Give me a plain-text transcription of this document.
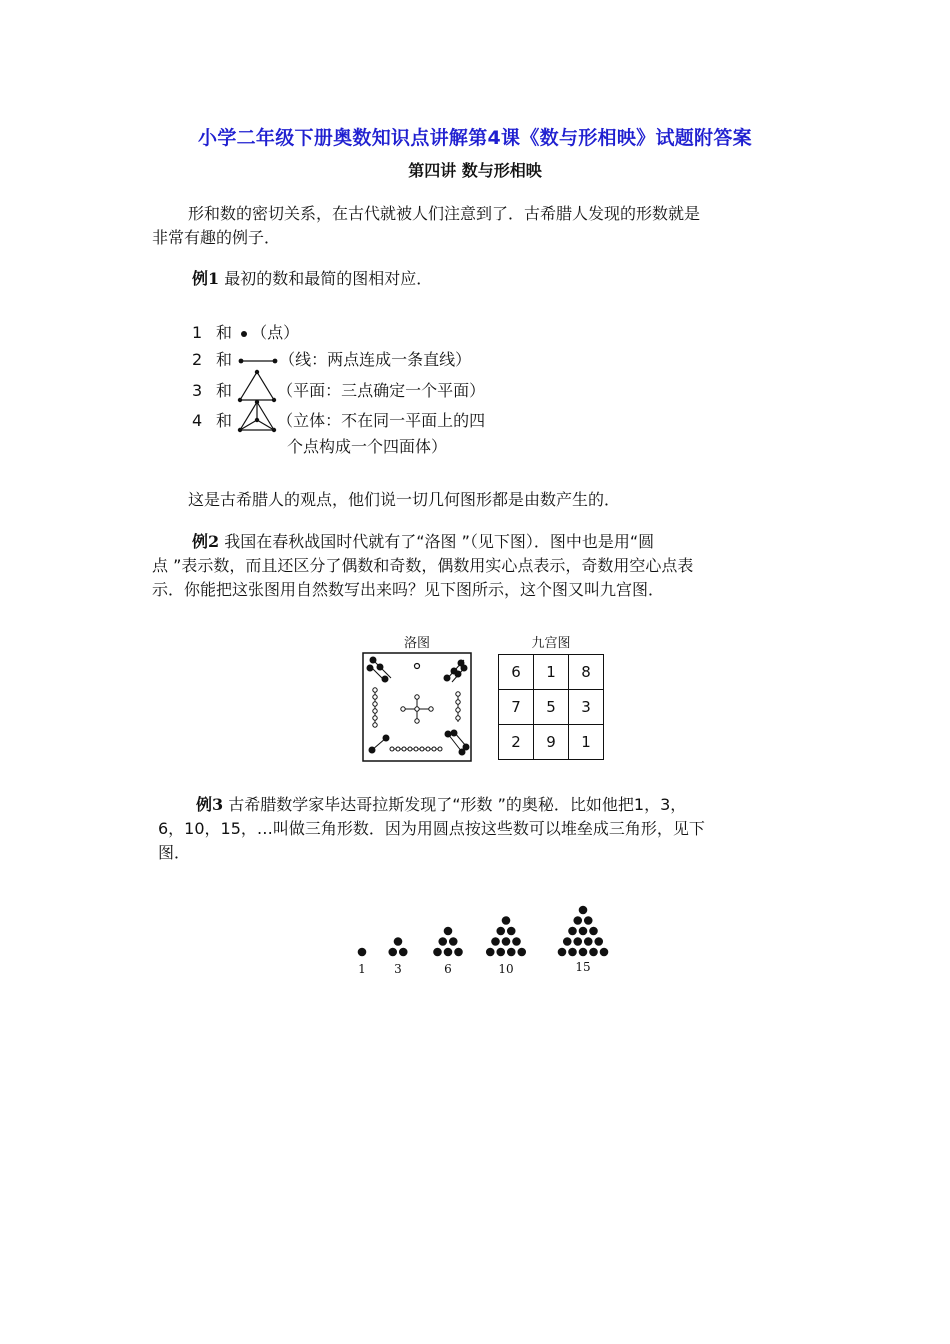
小学二年级下册奥数知识点讲解第4课《数与形相映》试题附答案
第四讲 数与形相映
形和数的密切关系，在古代就被人们注意到了．古希腊人发现的形数就是
非常有趣的例子．
例1 最初的数和最简的图相对应．
1 和 （点）
2 和	（线：两点连成一条直线）
3 和	（平面：三点确定一个平面）
4 和	（立体：不在同一平面上的四
个点构成一个四面体）
这是古希腊人的观点，他们说一切几何图形都是由数产生的．
例2 我国在春秋战国时代就有了“洛图 ”（见下图）．图中也是用“圆
点 ”表示数，而且还区分了偶数和奇数，偶数用实心点表示，奇数用空心点表
示．你能把这张图用自然数写出来吗？见下图所示，这个图又叫九宫图．
洛图	九宫图
6	1	8
7	5	3
2	9	1
例3 古希腊数学家毕达哥拉斯发现了“形数 ”的奥秘．比如他把1，3，
6，10，15，…叫做三角形数．因为用圆点按这些数可以堆垒成三角形，见下
图．
1	3	6	10	15
